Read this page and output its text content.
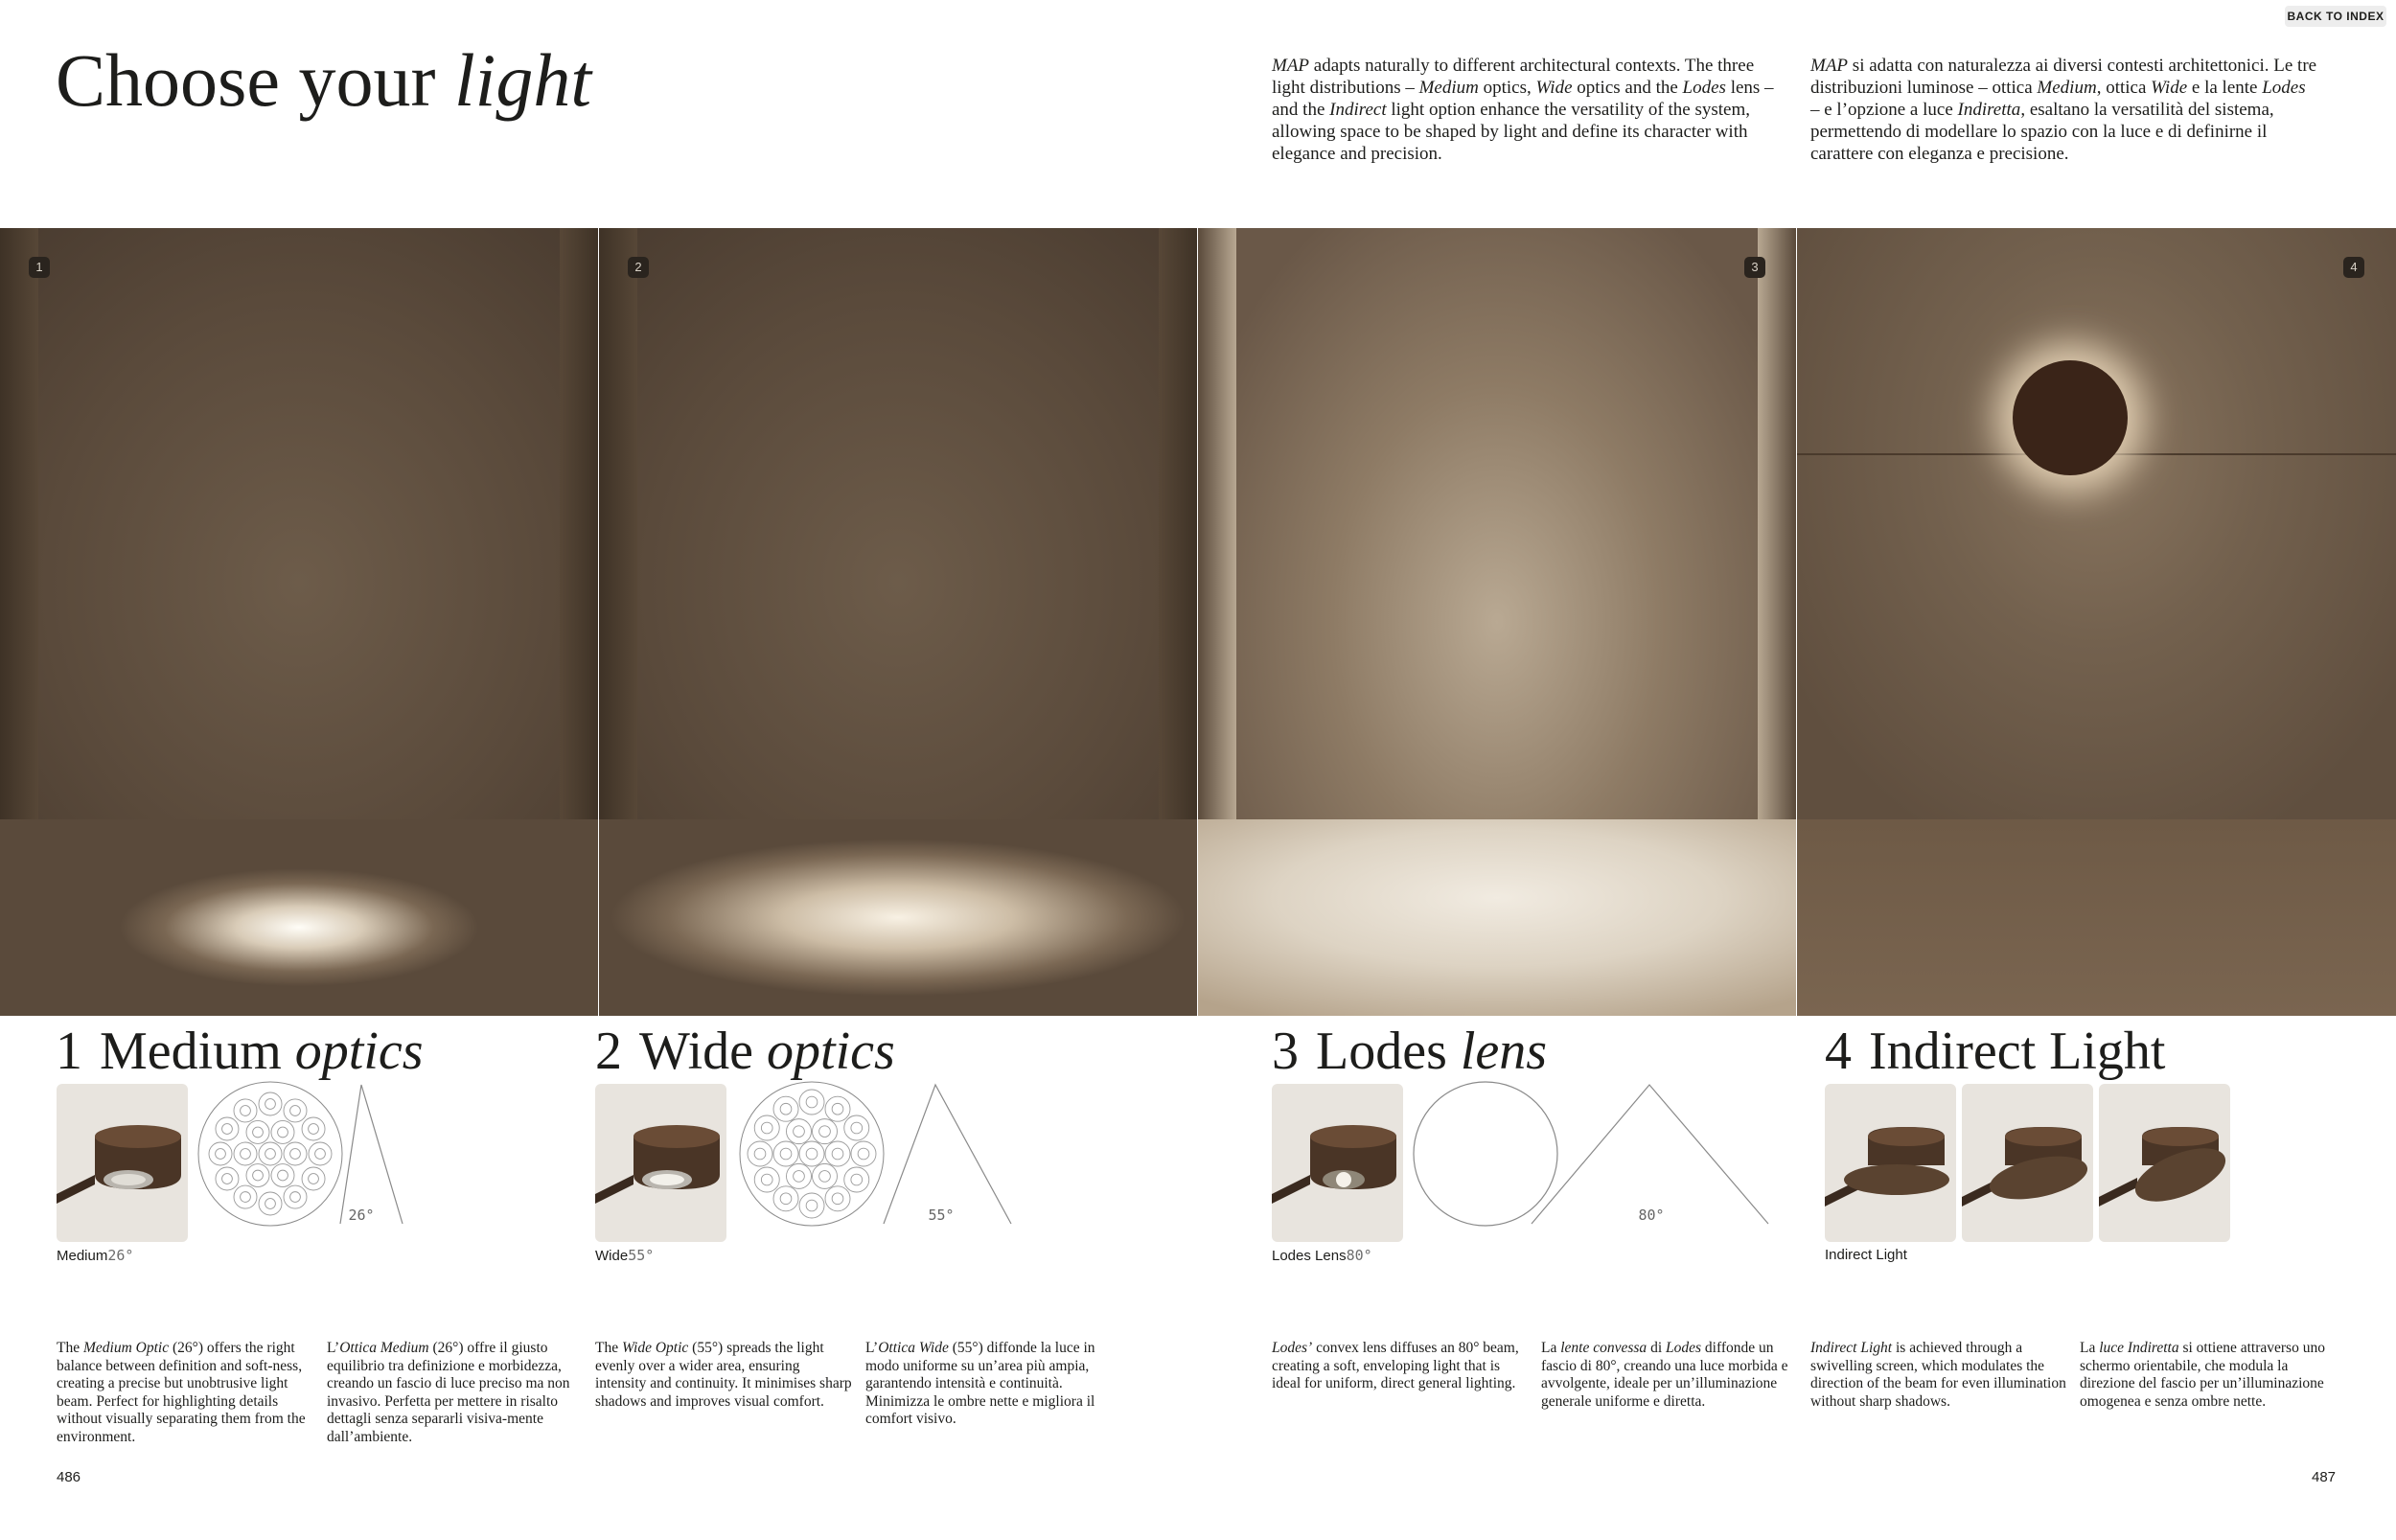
BACK TO INDEX
Choose your light	MAP adapts naturally to different architectural contexts. The three light distributions – Medium optics, Wide optics and the Lodes lens – and the Indirect light option enhance the versatility of the system, allowing space to be shaped by light and define its character with elegance and precision.
MAP si adatta con naturalezza ai diversi contesti architettonici. Le tre distribuzioni luminose – ottica Medium, ottica Wide e la lente Lodes – e l’opzione a luce Indiretta, esaltano la versatilità del sistema, permettendo di modellare lo spazio con la luce e di definirne il carattere con eleganza e precisione.
1	2	3	4
1 Medium optics	2 Wide optics	3 Lodes lens	4 Indirect Light
26°	55°	80°
Medium26°	Wide55°	Lodes Lens80°	Indirect Light
The Medium Optic (26°) offers the right balance between definition and soft-ness, creating a precise but unobtrusive light beam. Perfect for highlighting details without visually separating them from the environment.
L’Ottica Medium (26°) offre il giusto equilibrio tra definizione e morbidezza, creando un fascio di luce preciso ma non invasivo. Perfetta per mettere in risalto dettagli senza separarli visiva-mente dall’ambiente.
The Wide Optic (55°) spreads the light evenly over a wider area, ensuring intensity and continuity. It minimises sharp shadows and improves visual comfort.
L’Ottica Wide (55°) diffonde la luce in modo uniforme su un’area più ampia, garantendo intensità e continuità. Minimizza le ombre nette e migliora il comfort visivo.
Lodes’ convex lens diffuses an 80° beam, creating a soft, enveloping light that is ideal for uniform, direct general lighting.
La lente convessa di Lodes diffonde un fascio di 80°, creando una luce morbida e avvolgente, ideale per un’illuminazione generale uniforme e diretta.
Indirect Light is achieved through a swivelling screen, which modulates the direction of the beam for even illumination without sharp shadows.
La luce Indiretta si ottiene attraverso uno schermo orientabile, che modula la direzione del fascio per un’illuminazione omogenea e senza ombre nette.
486	487
